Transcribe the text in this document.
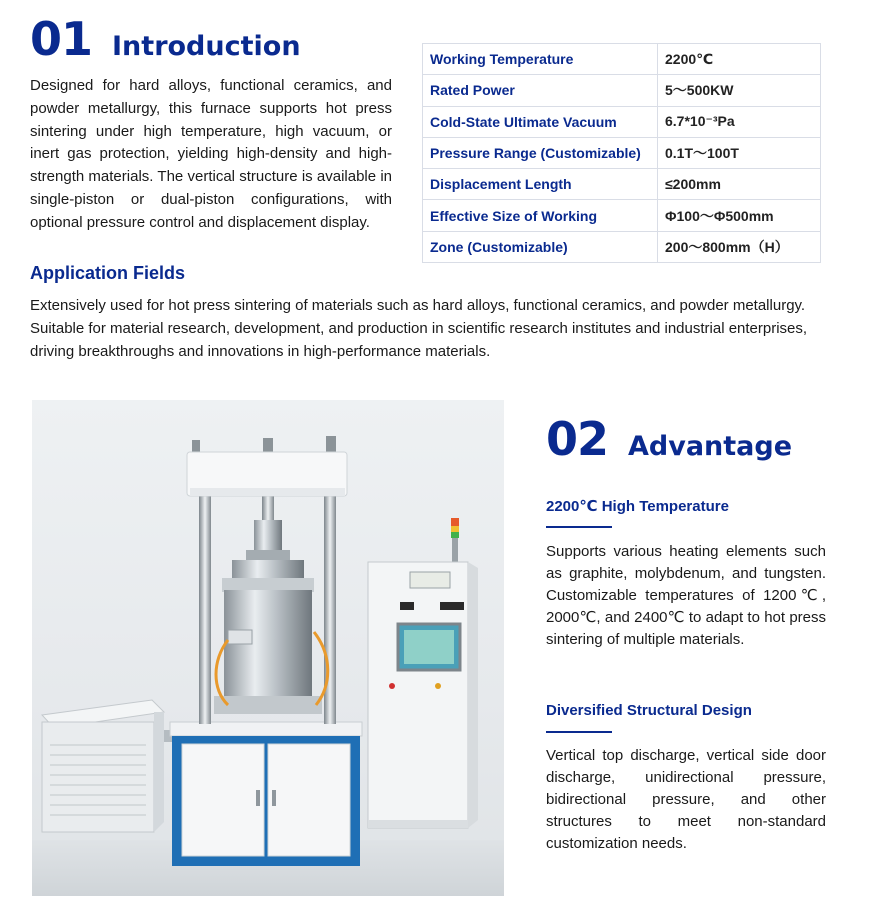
01 Introduction

Designed for hard alloys, functional ceramics, and powder metallurgy, this furnace supports hot press sintering under high temperature, high vacuum, or inert gas protection, yielding high-density and high-strength materials. The vertical structure is available in single-piston or dual-piston configurations, with optional pressure control and displacement display.

Working Temperature	2200℃
Rated Power	5～500KW
Cold-State Ultimate Vacuum	6.7*10⁻³Pa
Pressure Range (Customizable)	0.1T～100T
Displacement Length	≤200mm
Effective Size of Working	Φ100～Φ500mm
Zone (Customizable)	200～800mm（H）
Application Fields

Extensively used for hot press sintering of materials such as hard alloys, functional ceramics, and powder metallurgy. Suitable for material research, development, and production in scientific research institutes and industrial enterprises, driving breakthroughs and innovations in high-performance materials.

02 Advantage
2200℃ High Temperature

Supports various heating elements such as graphite, molybdenum, and tungsten. Customizable temperatures of 1200℃, 2000℃, and 2400℃ to adapt to hot press sintering of multiple materials.

Diversified Structural Design

Vertical top discharge, vertical side door discharge, unidirectional pressure, bidirectional pressure, and other structures to meet non-standard customization needs.
